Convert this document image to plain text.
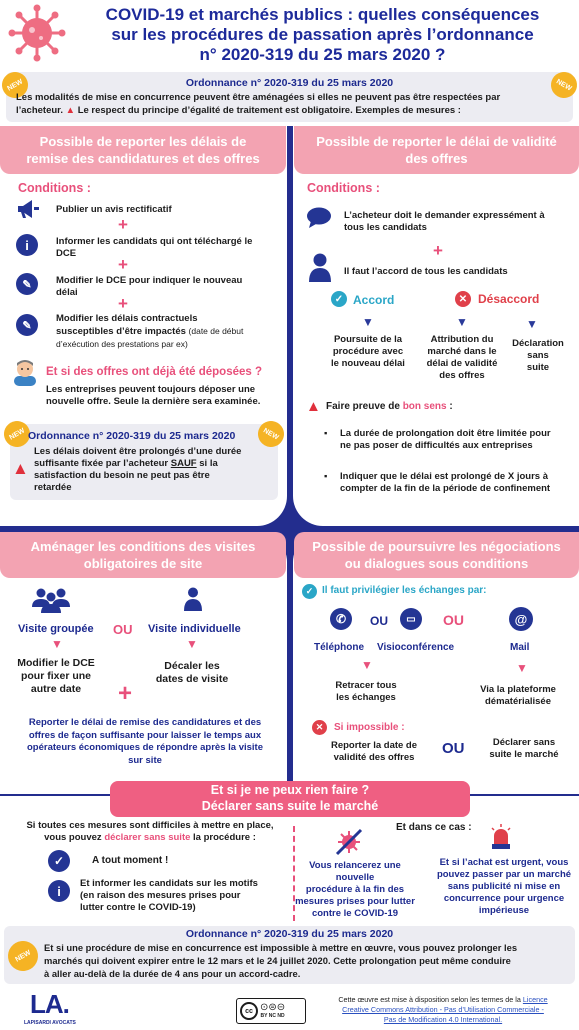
COVID-19 et marchés publics : quelles conséquences
sur les procédures de passation après l’ordonnance
n° 2020-319 du 25 mars 2020 ?
NEW	NEW
Ordonnance n° 2020-319 du 25 mars 2020
Les modalités de mise en concurrence peuvent être aménagées si elles ne peuvent pas être respectées par
l’acheteur. ▲ Le respect du principe d’égalité de traitement est obligatoire. Exemples de mesures :
Possible de reporter les délais de
remise des candidatures et des offres
Conditions :
Publier un avis rectificatif
+
i	Informer les candidats qui ont téléchargé le
DCE
+
✎	Modifier le DCE pour indiquer le nouveau
délai
+
✎
Modifier les délais contractuels
susceptibles d’être impactés (date de début
d’exécution des prestations par ex)
Et si des offres ont déjà été déposées ?
Les entreprises peuvent toujours déposer une
nouvelle offre. Seule la dernière sera examinée.
NEW	NEW
Ordonnance n° 2020-319 du 25 mars 2020
▲
Les délais doivent être prolongés d’une durée
suffisante fixée par l’acheteur SAUF si la
satisfaction du besoin ne peut pas être
retardée
Possible de reporter le délai de validité
des offres
Conditions :
L’acheteur doit le demander expressément à
tous les candidats
+
Il faut l’accord de tous les candidats
✓ Accord	✕ Désaccord
▼	▼	▼
Poursuite de la
procédure avec
le nouveau délai
Attribution du
marché dans le
délai de validité
des offres
Déclaration
sans
suite
▲ Faire preuve de bon sens :
▪ La durée de prolongation doit être limitée pour
ne pas poser de difficultés aux entreprises
▪ Indiquer que le délai est prolongé de X jours à
compter de la fin de la période de confinement
Aménager les conditions des visites
obligatoires de site
Visite groupée OU Visite individuelle
▼	▼
Modifier le DCE
pour fixer une
autre date
Décaler les
dates de visite
+
Reporter le délai de remise des candidatures et des
offres de façon suffisante pour laisser le temps aux
opérateurs économiques de répondre après la visite
sur site
Possible de poursuivre les négociations
ou dialogues sous conditions
✓ Il faut privilégier les échanges par:
✆	OU	▭	OU	@
Téléphone Visioconférence	Mail
▼	▼
Retracer tous
les échanges
Via la plateforme
dématérialisée
✕	Si impossible :
Reporter la date de
validité des offres
OU	Déclarer sans
suite le marché
Et si je ne peux rien faire ?
Déclarer sans suite le marché
Si toutes ces mesures sont difficiles à mettre en place,
vous pouvez déclarer sans suite la procédure :
✓	A tout moment !
i	Et informer les candidats sur les motifs
(en raison des mesures prises pour
lutter contre le COVID-19)
Et dans ce cas :
Vous relancerez une nouvelle
procédure à la fin des
mesures prises pour lutter
contre le COVID-19
Et si l’achat est urgent, vous
pouvez passer par un marché
sans publicité ni mise en
concurrence pour urgence
impérieuse
NEW
Ordonnance n° 2020-319 du 25 mars 2020
Et si une procédure de mise en concurrence est impossible à mettre en œuvre, vous pouvez prolonger les
marchés qui doivent expirer entre le 12 mars et le 24 juillet 2020. Cette prolongation peut même conduire
à aller au-delà de la durée de 4 ans pour un accord-cadre.
LA.
LAPISARDI AVOCATS
cc ⊙⊜⊝
BY NC ND
Cette œuvre est mise à disposition selon les termes de la Licence
Creative Commons Attribution - Pas d’Utilisation Commerciale -
Pas de Modification 4.0 International.
